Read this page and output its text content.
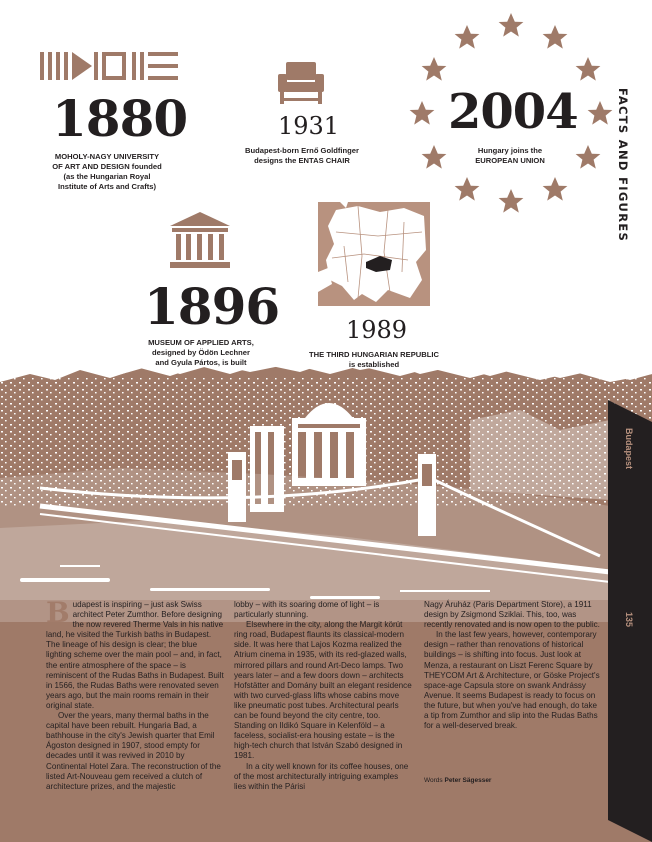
Budapest
135
1880
MOHOLY-NAGY UNIVERSITY
OF ART AND DESIGN founded
(as the Hungarian Royal
Institute of Arts and Crafts)
1931
Budapest-born Ernő Goldfinger
designs the ENTAS CHAIR
2004
Hungary joins the
EUROPEAN UNION
1896
MUSEUM OF APPLIED ARTS,
designed by Ödön Lechner
and Gyula Pártos, is built
1989
THE THIRD HUNGARIAN REPUBLIC
is established
FACTS AND FIGURES

Budapest is inspiring – just ask Swiss architect Peter Zumthor. Before designing the now revered Therme Vals in his native land, he visited the Turkish baths in Budapest. The lineage of his design is clear; the blue lighting scheme over the main pool – and, in fact, the entire atmosphere of the space – is reminiscent of the Rudas Baths in Budapest. Built in 1566, the Rudas Baths were renovated seven years ago, but the main rooms remain in their original state.

Over the years, many thermal baths in the capital have been rebuilt. Hungaria Bad, a bathhouse in the city's Jewish quarter that Emil Ágoston designed in 1907, stood empty for decades until it was revived in 2010 by Continental Hotel Zara. The reconstruction of the listed Art-Nouveau gem received a clutch of architecture prizes, and the majestic

lobby – with its soaring dome of light – is particularly stunning.

Elsewhere in the city, along the Margit körút ring road, Budapest flaunts its classical-modern side. It was here that Lajos Kozma realized the Atrium cinema in 1935, with its red-glazed walls, mirrored pillars and round Art-Deco lamps. Two years later – and a few doors down – architects Hofstätter and Domány built an elegant residence with two curved-glass lifts whose cabins move like pneumatic post tubes. Architectural pearls can be found beyond the city centre, too. Standing on Ildikó Square in Kelenföld – a faceless, socialist-era housing estate – is the high-tech church that István Szabó designed in 1981.

In a city well known for its coffee houses, one of the most architecturally intriguing examples lies within the Párisi

Nagy Áruház (Paris Department Store), a 1911 design by Zsigmond Sziklai. This, too, was recently renovated and is now open to the public.

In the last few years, however, contemporary design – rather than renovations of historical buildings – is shifting into focus. Just look at Menza, a restaurant on Liszt Ferenc Square by THEYCOM Art & Architecture, or Göske Project's space-age Capsula store on swank Andrássy Avenue. It seems Budapest is ready to focus on the future, but when you've had enough, do take a tip from Zumthor and slip into the Rudas Baths for a well-deserved break.

Words Peter Sägesser
